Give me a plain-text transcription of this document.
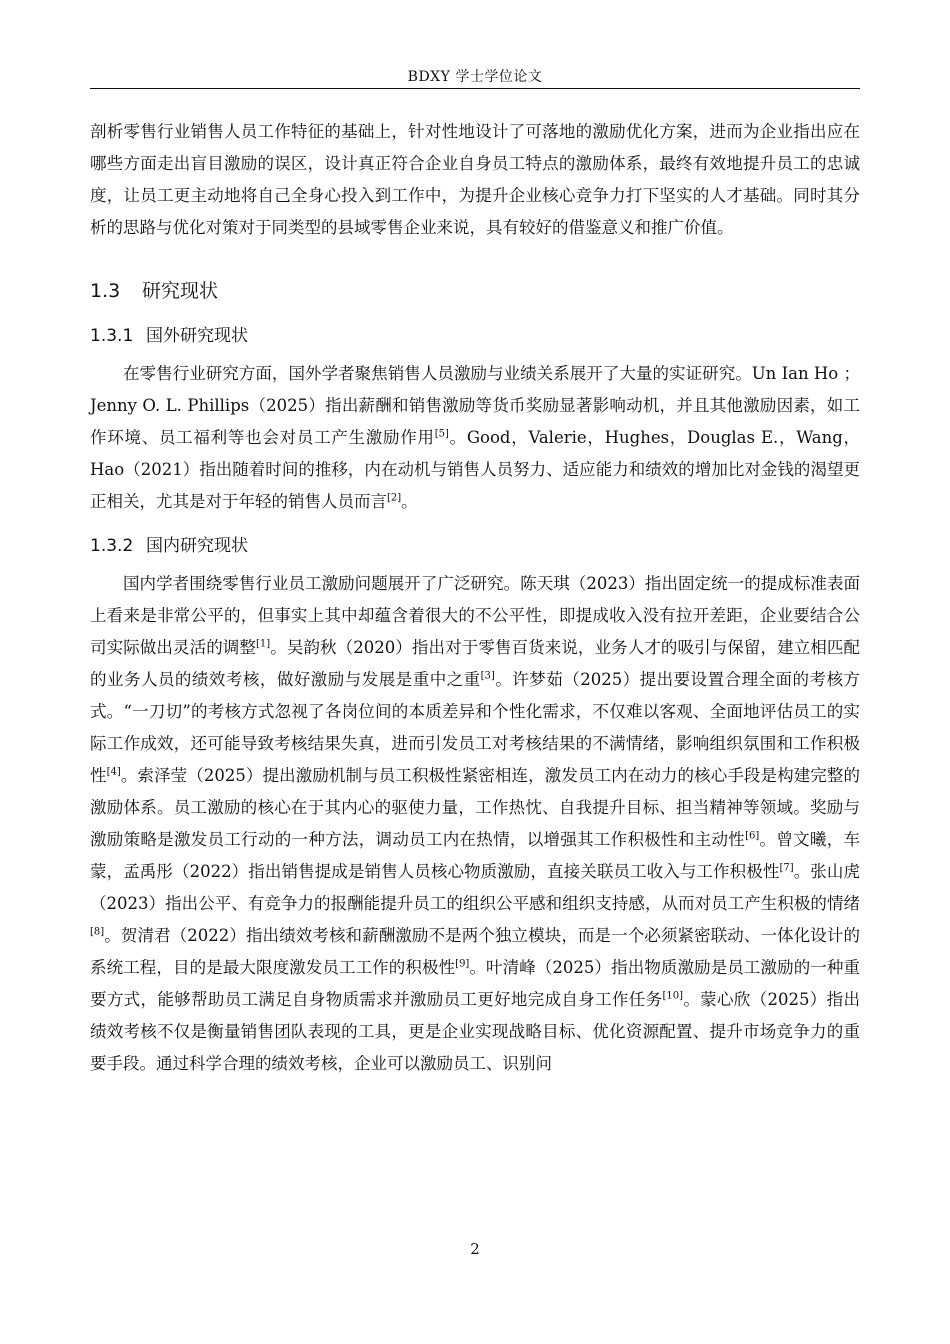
BDXY 学士学位论文

剖析零售行业销售人员工作特征的基础上，针对性地设计了可落地的激励优化方案，进而为企业指出应在哪些方面走出盲目激励的误区，设计真正符合企业自身员工特点的激励体系，最终有效地提升员工的忠诚度，让员工更主动地将自己全身心投入到工作中，为提升企业核心竞争力打下坚实的人才基础。同时其分析的思路与优化对策对于同类型的县域零售企业来说，具有较好的借鉴意义和推广价值。

1.3 研究现状
1.3.1 国外研究现状

在零售行业研究方面，国外学者聚焦销售人员激励与业绩关系展开了大量的实证研究。Un Ian Ho ； Jenny O. L. Phillips（2025）指出薪酬和销售激励等货币奖励显著影响动机，并且其他激励因素，如工作环境、员工福利等也会对员工产生激励作用[5]。Good，Valerie，Hughes，Douglas E.，Wang，Hao（2021）指出随着时间的推移，内在动机与销售人员努力、适应能力和绩效的增加比对金钱的渴望更正相关，尤其是对于年轻的销售人员而言[2]。

1.3.2 国内研究现状

国内学者围绕零售行业员工激励问题展开了广泛研究。陈天琪（2023）指出固定统一的提成标准表面上看来是非常公平的，但事实上其中却蕴含着很大的不公平性，即提成收入没有拉开差距，企业要结合公司实际做出灵活的调整[1]。吴韵秋（2020）指出对于零售百货来说，业务人才的吸引与保留，建立相匹配的业务人员的绩效考核，做好激励与发展是重中之重[3]。许梦茹（2025）提出要设置合理全面的考核方式。“一刀切”的考核方式忽视了各岗位间的本质差异和个性化需求，不仅难以客观、全面地评估员工的实际工作成效，还可能导致考核结果失真，进而引发员工对考核结果的不满情绪，影响组织氛围和工作积极性[4]。索泽莹（2025）提出激励机制与员工积极性紧密相连，激发员工内在动力的核心手段是构建完整的激励体系。员工激励的核心在于其内心的驱使力量，工作热忱、自我提升目标、担当精神等领域。奖励与激励策略是激发员工行动的一种方法，调动员工内在热情，以增强其工作积极性和主动性[6]。曾文曦，车蒙，孟禹彤（2022）指出销售提成是销售人员核心物质激励，直接关联员工收入与工作积极性[7]。张山虎（2023）指出公平、有竞争力的报酬能提升员工的组织公平感和组织支持感，从而对员工产生积极的情绪[8]。贺清君（2022）指出绩效考核和薪酬激励不是两个独立模块，而是一个必须紧密联动、一体化设计的系统工程，目的是最大限度激发员工工作的积极性[9]。叶清峰（2025）指出物质激励是员工激励的一种重要方式，能够帮助员工满足自身物质需求并激励员工更好地完成自身工作任务[10]。蒙心欣（2025）指出绩效考核不仅是衡量销售团队表现的工具，更是企业实现战略目标、优化资源配置、提升市场竞争力的重要手段。通过科学合理的绩效考核，企业可以激励员工、识别问

2
